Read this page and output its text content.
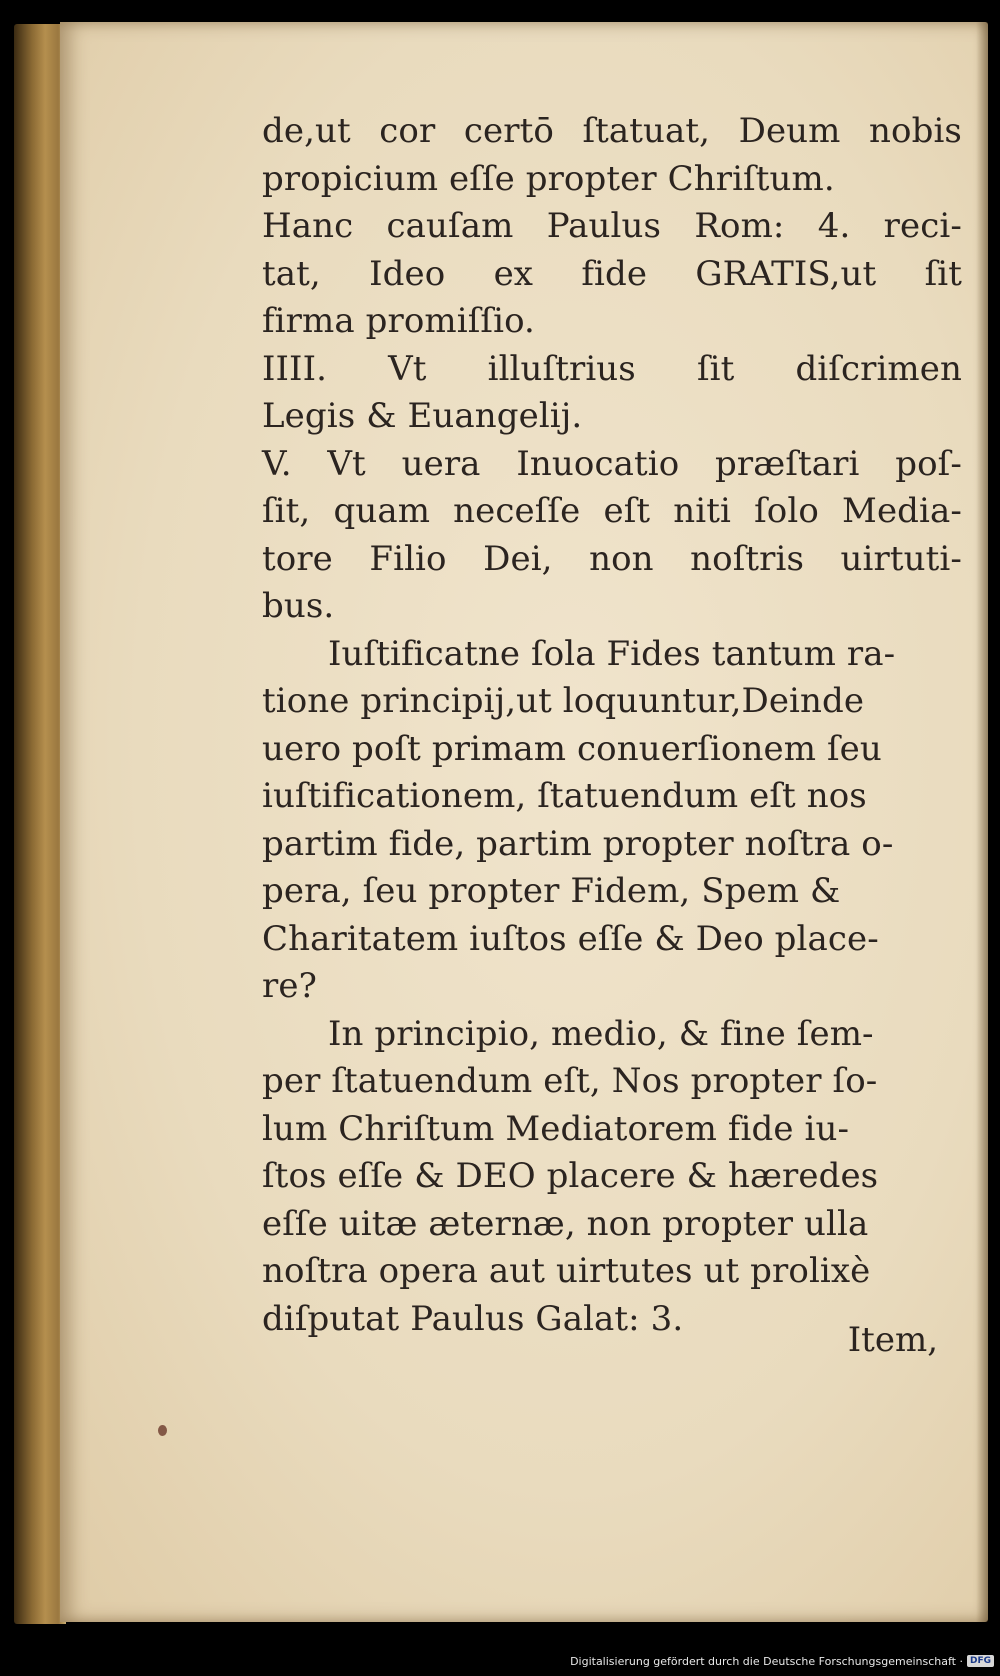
de,ut cor certō ſtatuat, Deum nobis
propicium eſſe propter Chriſtum.
Hanc cauſam Paulus Rom: 4. reci-
tat, Ideo ex fide GRATIS,ut ſit
firma promiſſio.
IIII. Vt illuſtrius ſit diſcrimen
Legis & Euangelij.
V. Vt uera Inuocatio præſtari poſ-
ſit, quam neceſſe eſt niti ſolo Media-
tore Filio Dei, non noſtris uirtuti-
bus.
Iuſtificatne ſola Fides tantum ra-
tione principij,ut loquuntur,Deinde
uero poſt primam conuerſionem ſeu
iuſtificationem, ſtatuendum eſt nos
partim fide, partim propter noſtra o-
pera, ſeu propter Fidem, Spem &
Charitatem iuſtos eſſe & Deo place-
re?
In principio, medio, & fine ſem-
per ſtatuendum eſt, Nos propter ſo-
lum Chriſtum Mediatorem fide iu-
ſtos eſſe & DEO placere & hæredes
eſſe uitæ æternæ, non propter ulla
noſtra opera aut uirtutes ut prolixè
diſputat Paulus Galat: 3.
Item,
Digitalisierung gefördert durch die Deutsche Forschungsgemeinschaft · DFG
